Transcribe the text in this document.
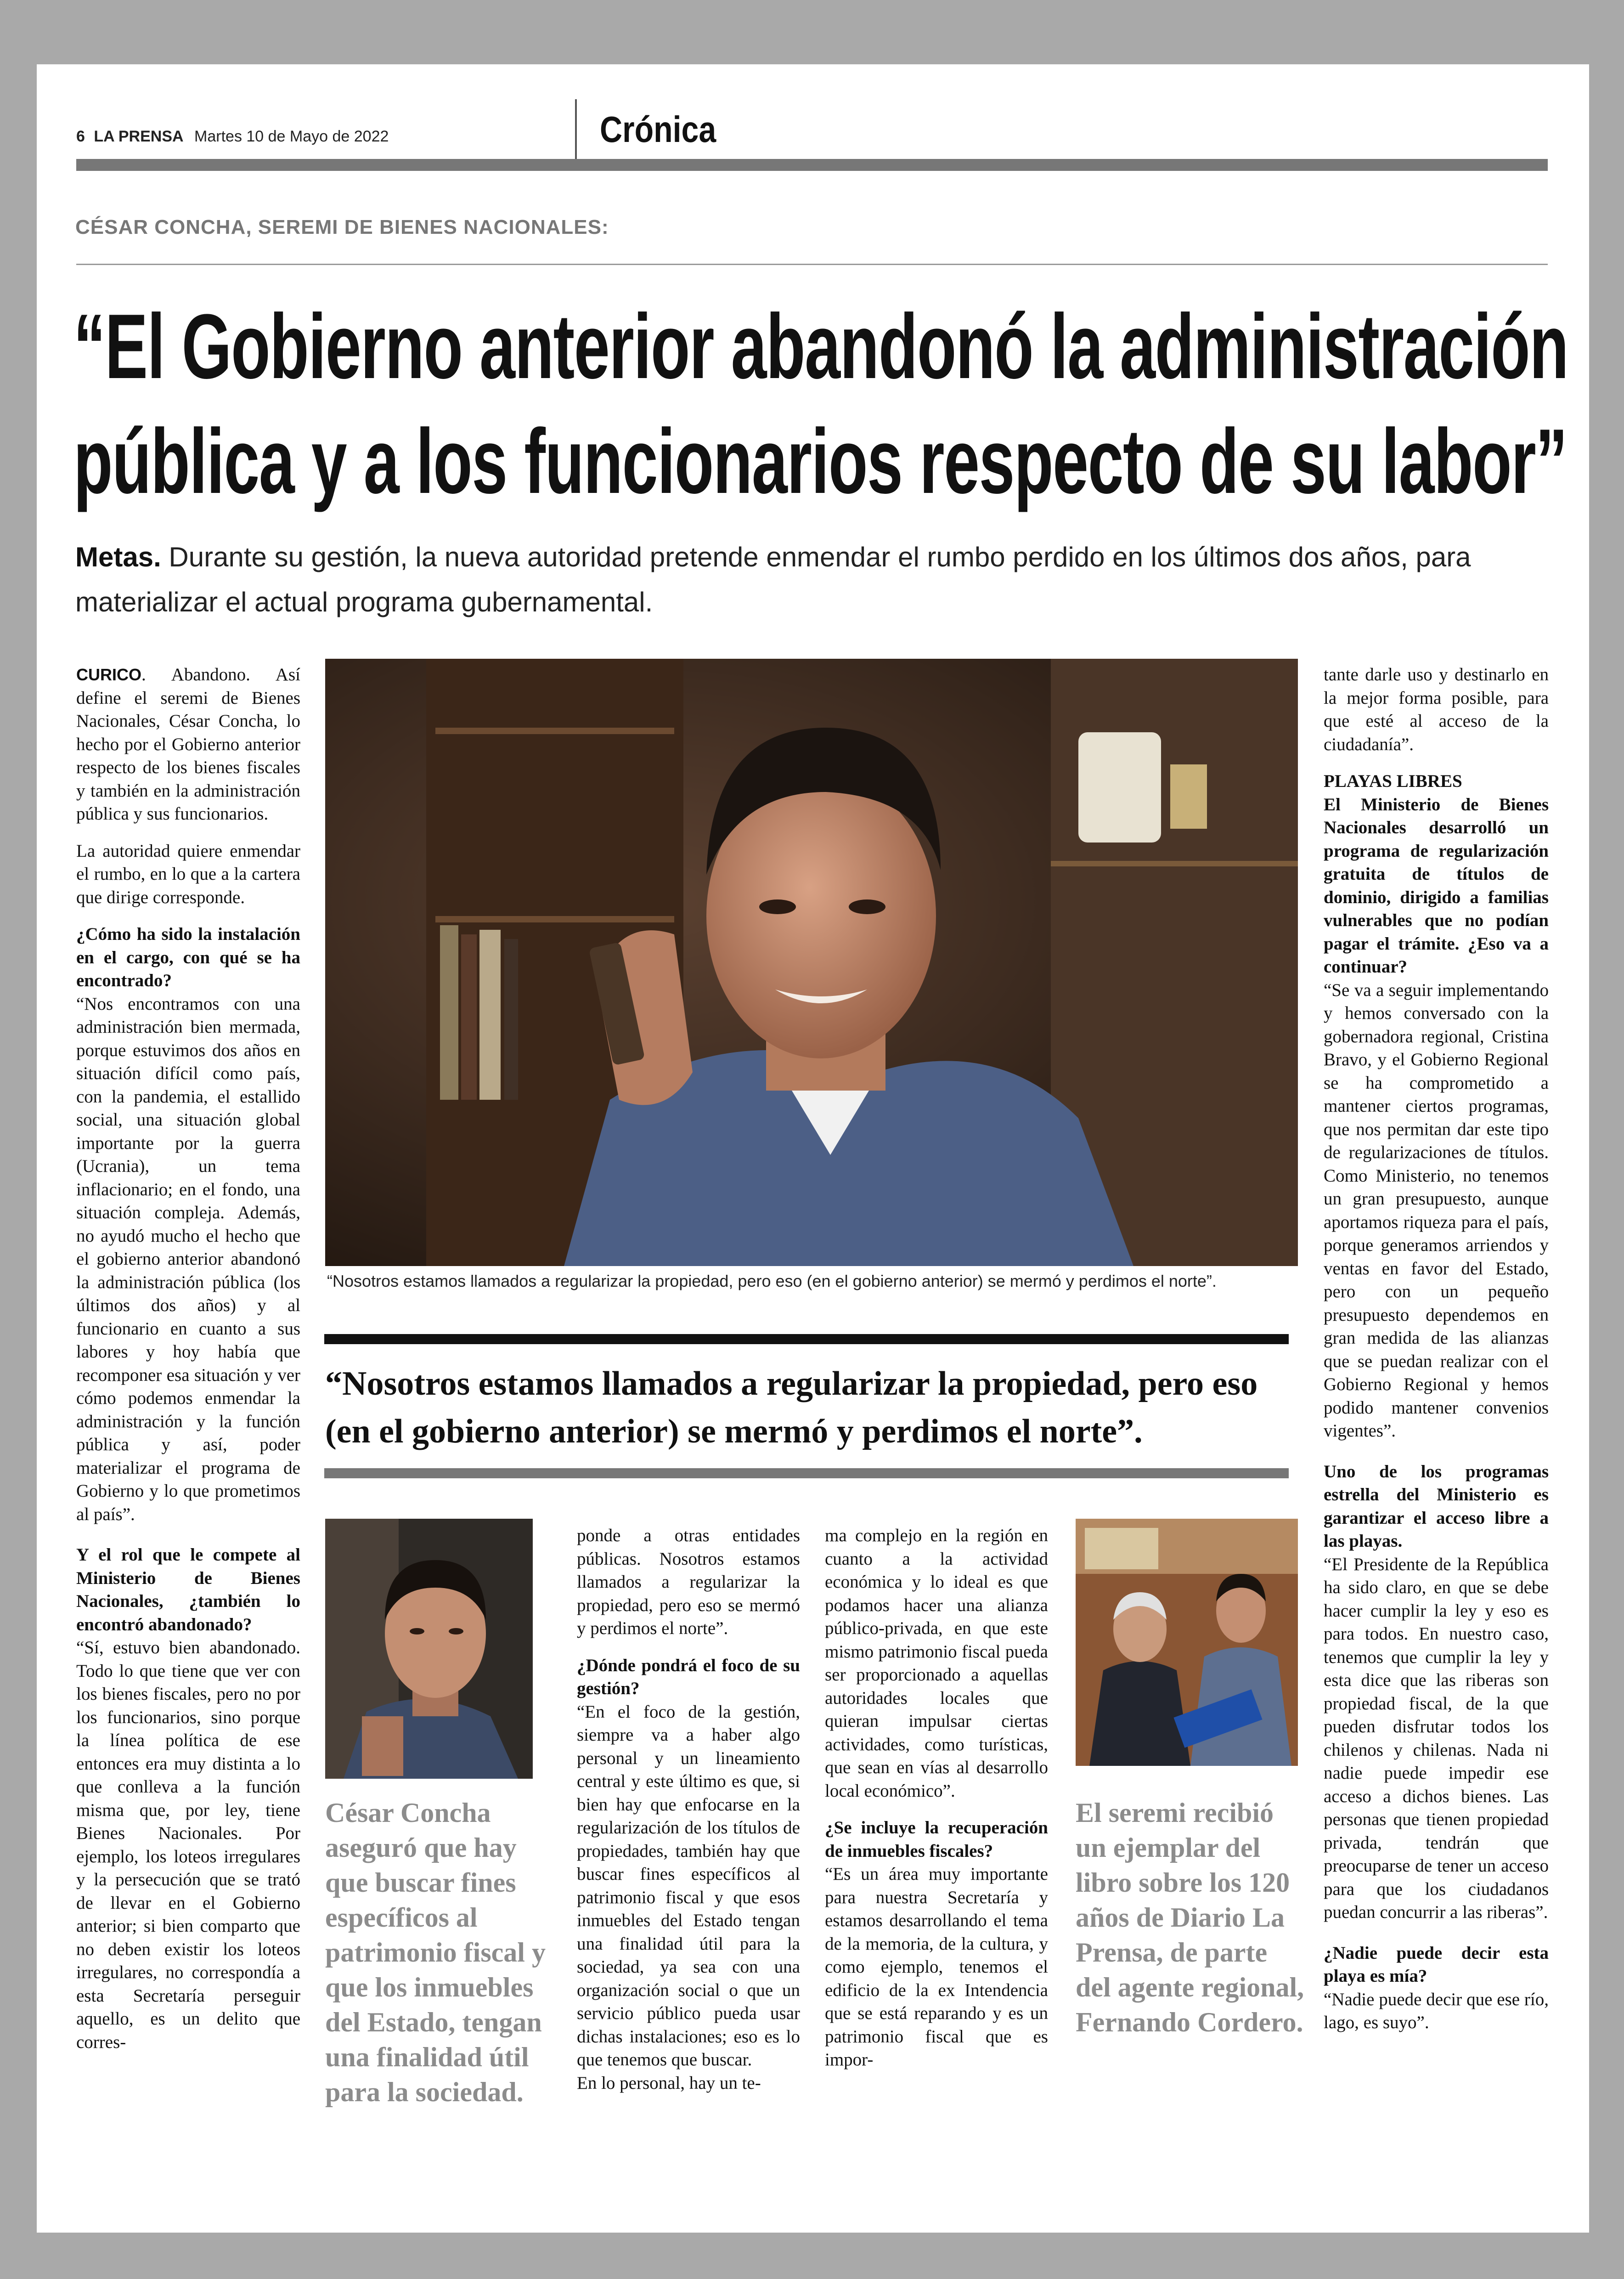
6 LA PRENSA Martes 10 de Mayo de 2022	Crónica
CÉSAR CONCHA, SEREMI DE BIENES NACIONALES:
“El Gobierno anterior abandonó la administración
pública y a los funcionarios respecto de su labor”
Metas. Durante su gestión, la nueva autoridad pretende enmendar el rumbo perdido en los últimos dos años, para materializar el actual programa gubernamental.

CURICO. Abandono. Así define el seremi de Bienes Nacionales, César Concha, lo hecho por el Gobierno anterior respecto de los bienes fiscales y también en la administración pública y sus funcionarios.

La autoridad quiere enmendar el rumbo, en lo que a la cartera que dirige corresponde.

¿Cómo ha sido la instalación en el cargo, con qué se ha encontrado?

“Nos encontramos con una administración bien mermada, porque estuvimos dos años en situación difícil como país, con la pandemia, el estallido social, una situación global importante por la guerra (Ucrania), un tema inflacionario; en el fondo, una situación compleja. Además, no ayudó mucho el hecho que el gobierno anterior abandonó la administración pública (los últimos dos años) y al funcionario en cuanto a sus labores y hoy había que recomponer esa situación y ver cómo podemos enmendar la administración y la función pública y así, poder materializar el programa de Gobierno y lo que prometimos al país”.

Y el rol que le compete al Ministerio de Bienes Nacionales, ¿también lo encontró abandonado?

“Sí, estuvo bien abandonado. Todo lo que tiene que ver con los bienes fiscales, pero no por los funcionarios, sino porque la línea política de ese entonces era muy distinta a lo que conlleva a la función misma que, por ley, tiene Bienes Nacionales. Por ejemplo, los loteos irregulares y la persecución que se trató de llevar en el Gobierno anterior; si bien comparto que no deben existir los loteos irregulares, no correspondía a esta Secretaría perseguir aquello, es un delito que corres-

“Nosotros estamos llamados a regularizar la propiedad, pero eso (en el gobierno anterior) se mermó y perdimos el norte”.
“Nosotros estamos llamados a regularizar la propiedad, pero eso (en el gobierno anterior) se mermó y perdimos el norte”.
César Concha aseguró que hay que buscar fines específicos al patrimonio fiscal y que los inmuebles del Estado, tengan una finalidad útil para la sociedad.

ponde a otras entidades públicas. Nosotros estamos llamados a regularizar la propiedad, pero eso se mermó y perdimos el norte”.

¿Dónde pondrá el foco de su gestión?

“En el foco de la gestión, siempre va a haber algo personal y un lineamiento central y este último es que, si bien hay que enfocarse en la regularización de los títulos de propiedades, también hay que buscar fines específicos al patrimonio fiscal y que esos inmuebles del Estado tengan una finalidad útil para la sociedad, ya sea con una organización social o que un servicio público pueda usar dichas instalaciones; eso es lo que tenemos que buscar.

En lo personal, hay un te-

ma complejo en la región en cuanto a la actividad económica y lo ideal es que podamos hacer una alianza público-privada, en que este mismo patrimonio fiscal pueda ser proporcionado a aquellas autoridades locales que quieran impulsar ciertas actividades, como turísticas, que sean en vías al desarrollo local económico”.

¿Se incluye la recuperación de inmuebles fiscales?

“Es un área muy importante para nuestra Secretaría y estamos desarrollando el tema de la memoria, de la cultura, y como ejemplo, tenemos el edificio de la ex Intendencia que se está reparando y es un patrimonio fiscal que es impor-

El seremi recibió un ejemplar del libro sobre los 120 años de Diario La Prensa, de parte del agente regional, Fernando Cordero.

tante darle uso y destinarlo en la mejor forma posible, para que esté al acceso de la ciudadanía”.

PLAYAS LIBRES

El Ministerio de Bienes Nacionales desarrolló un programa de regularización gratuita de títulos de dominio, dirigido a familias vulnerables que no podían pagar el trámite. ¿Eso va a continuar?

“Se va a seguir implementando y hemos conversado con la gobernadora regional, Cristina Bravo, y el Gobierno Regional se ha comprometido a mantener ciertos programas, que nos permitan dar este tipo de regularizaciones de títulos. Como Ministerio, no tenemos un gran presupuesto, aunque aportamos riqueza para el país, porque generamos arriendos y ventas en favor del Estado, pero con un pequeño presupuesto dependemos en gran medida de las alianzas que se puedan realizar con el Gobierno Regional y hemos podido mantener convenios vigentes”.

Uno de los programas estrella del Ministerio es garantizar el acceso libre a las playas.

“El Presidente de la República ha sido claro, en que se debe hacer cumplir la ley y eso es para todos. En nuestro caso, tenemos que cumplir la ley y esta dice que las riberas son propiedad fiscal, de la que pueden disfrutar todos los chilenos y chilenas. Nada ni nadie puede impedir ese acceso a dichos bienes. Las personas que tienen propiedad privada, tendrán que preocuparse de tener un acceso para que los ciudadanos puedan concurrir a las riberas”.

¿Nadie puede decir esta playa es mía?

“Nadie puede decir que ese río, lago, es suyo”.
